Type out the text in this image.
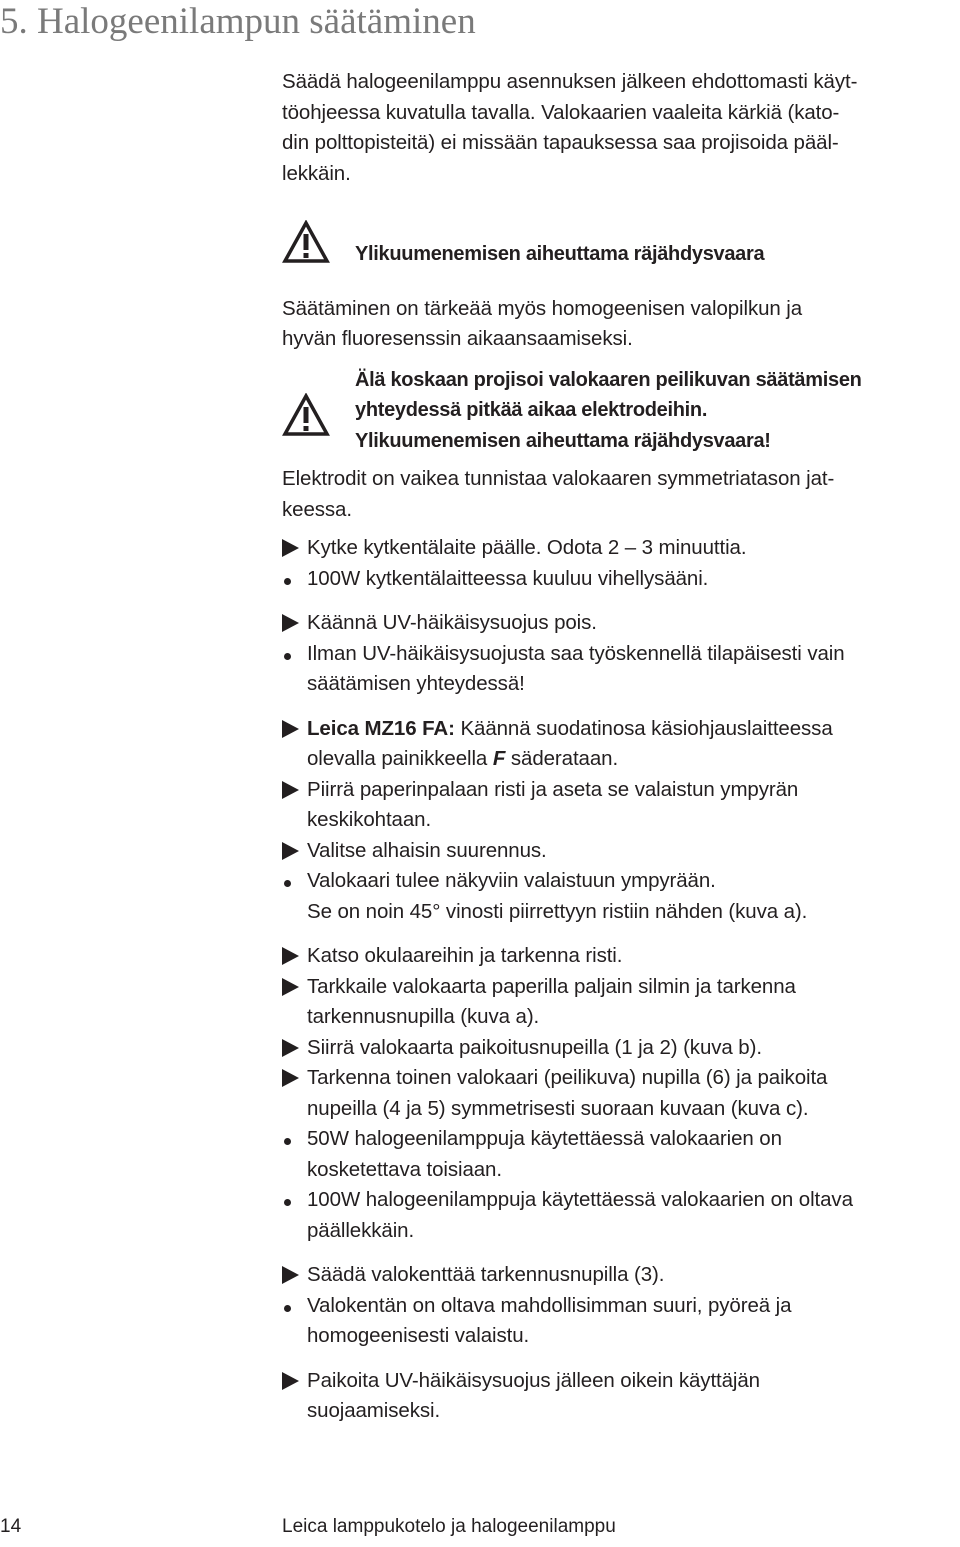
5. Halogeenilampun säätäminen

Säädä halogeenilamppu asennuksen jälkeen ehdottomasti käyt-
töohjeessa kuvatulla tavalla. Valokaarien vaaleita kärkiä (kato-
din polttopisteitä) ei missään tapauksessa saa projisoida pääl-
lekkäin.

Ylikuumenemisen aiheuttama räjähdysvaara

Säätäminen on tärkeää myös homogeenisen valopilkun ja
hyvän fluoresenssin aikaansaamiseksi.

Älä koskaan projisoi valokaaren peilikuvan säätämisen
yhteydessä pitkää aikaa elektrodeihin.
Ylikuumenemisen aiheuttama räjähdysvaara!

Elektrodit on vaikea tunnistaa valokaaren symmetriatason jat-
keessa.

Kytke kytkentälaite päälle. Odota 2 – 3 minuuttia.

100W kytkentälaitteessa kuuluu vihellysääni.

Käännä UV-häikäisysuojus pois.

Ilman UV-häikäisysuojusta saa työskennellä tilapäisesti vain
säätämisen yhteydessä!

Leica MZ16 FA: Käännä suodatinosa käsiohjauslaitteessa
olevalla painikkeella F säderataan.

Piirrä paperinpalaan risti ja aseta se valaistun ympyrän
keskikohtaan.

Valitse alhaisin suurennus.

Valokaari tulee näkyviin valaistuun ympyrään.
Se on noin 45° vinosti piirrettyyn ristiin nähden (kuva a).

Katso okulaareihin ja tarkenna risti.

Tarkkaile valokaarta paperilla paljain silmin ja tarkenna
tarkennusnupilla (kuva a).

Siirrä valokaarta paikoitusnupeilla (1 ja 2) (kuva b).

Tarkenna toinen valokaari (peilikuva) nupilla (6) ja paikoita
nupeilla (4 ja 5) symmetrisesti suoraan kuvaan (kuva c).

50W halogeenilamppuja käytettäessä valokaarien on
kosketettava toisiaan.

100W halogeenilamppuja käytettäessä valokaarien on oltava
päällekkäin.

Säädä valokenttää tarkennusnupilla (3).

Valokentän on oltava mahdollisimman suuri, pyöreä ja
homogeenisesti valaistu.

Paikoita UV-häikäisysuojus jälleen oikein käyttäjän
suojaamiseksi.

14	Leica lamppukotelo ja halogeenilamppu
